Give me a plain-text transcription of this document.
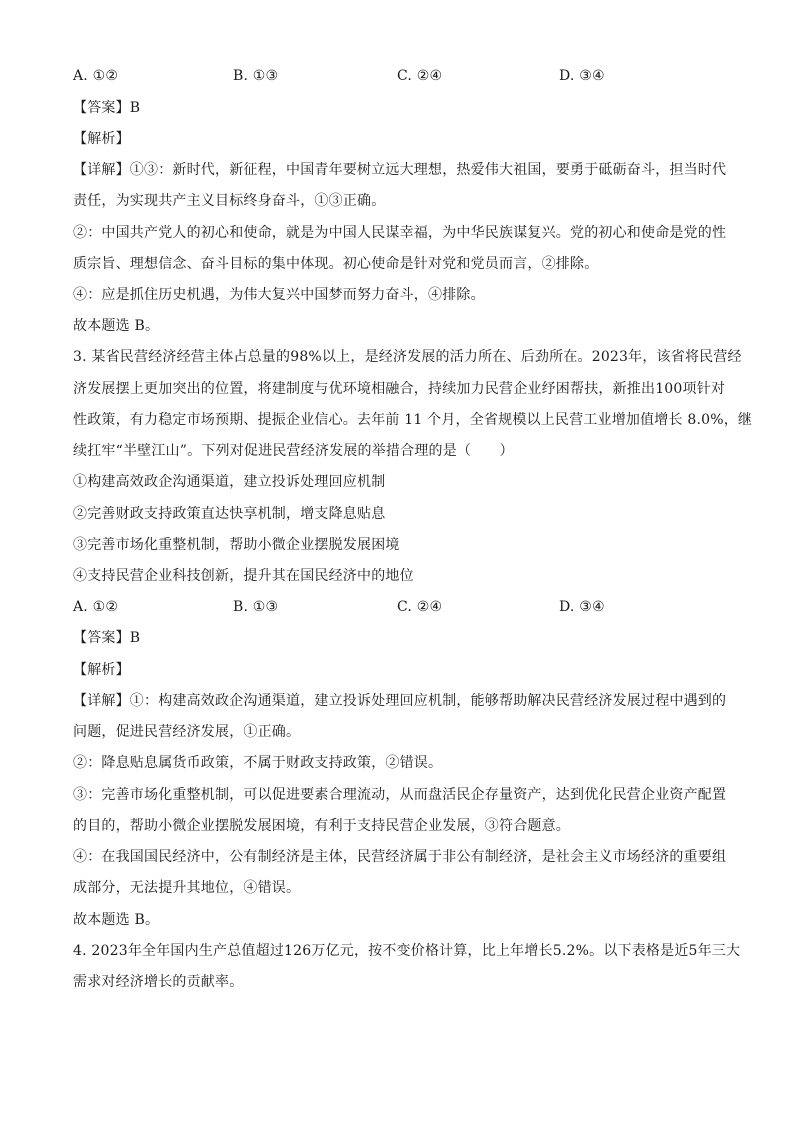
A. ①②	B. ①③	C. ②④	D. ③④
【答案】B
【解析】
【详解】①③：新时代，新征程，中国青年要树立远大理想，热爱伟大祖国，要勇于砥砺奋斗，担当时代
责任，为实现共产主义目标终身奋斗，①③正确。
②：中国共产党人的初心和使命，就是为中国人民谋幸福，为中华民族谋复兴。党的初心和使命是党的性
质宗旨、理想信念、奋斗目标的集中体现。初心使命是针对党和党员而言，②排除。
④：应是抓住历史机遇，为伟大复兴中国梦而努力奋斗，④排除。
故本题选 B。
3. 某省民营经济经营主体占总量的98%以上，是经济发展的活力所在、后劲所在。2023年，该省将民营经
济发展摆上更加突出的位置，将建制度与优环境相融合，持续加力民营企业纾困帮扶，新推出100项针对
性政策，有力稳定市场预期、提振企业信心。去年前 11 个月，全省规模以上民营工业增加值增长 8.0%，继
续扛牢“半壁江山”。下列对促进民营经济发展的举措合理的是（　　）
①构建高效政企沟通渠道，建立投诉处理回应机制
②完善财政支持政策直达快享机制，增支降息贴息
③完善市场化重整机制，帮助小微企业摆脱发展困境
④支持民营企业科技创新，提升其在国民经济中的地位
A. ①②	B. ①③	C. ②④	D. ③④
【答案】B
【解析】
【详解】①：构建高效政企沟通渠道，建立投诉处理回应机制，能够帮助解决民营经济发展过程中遇到的
问题，促进民营经济发展，①正确。
②：降息贴息属货币政策，不属于财政支持政策，②错误。
③：完善市场化重整机制，可以促进要素合理流动，从而盘活民企存量资产，达到优化民营企业资产配置
的目的，帮助小微企业摆脱发展困境，有利于支持民营企业发展，③符合题意。
④：在我国国民经济中，公有制经济是主体，民营经济属于非公有制经济，是社会主义市场经济的重要组
成部分，无法提升其地位，④错误。
故本题选 B。
4. 2023年全年国内生产总值超过126万亿元，按不变价格计算，比上年增长5.2%。以下表格是近5年三大
需求对经济增长的贡献率。
